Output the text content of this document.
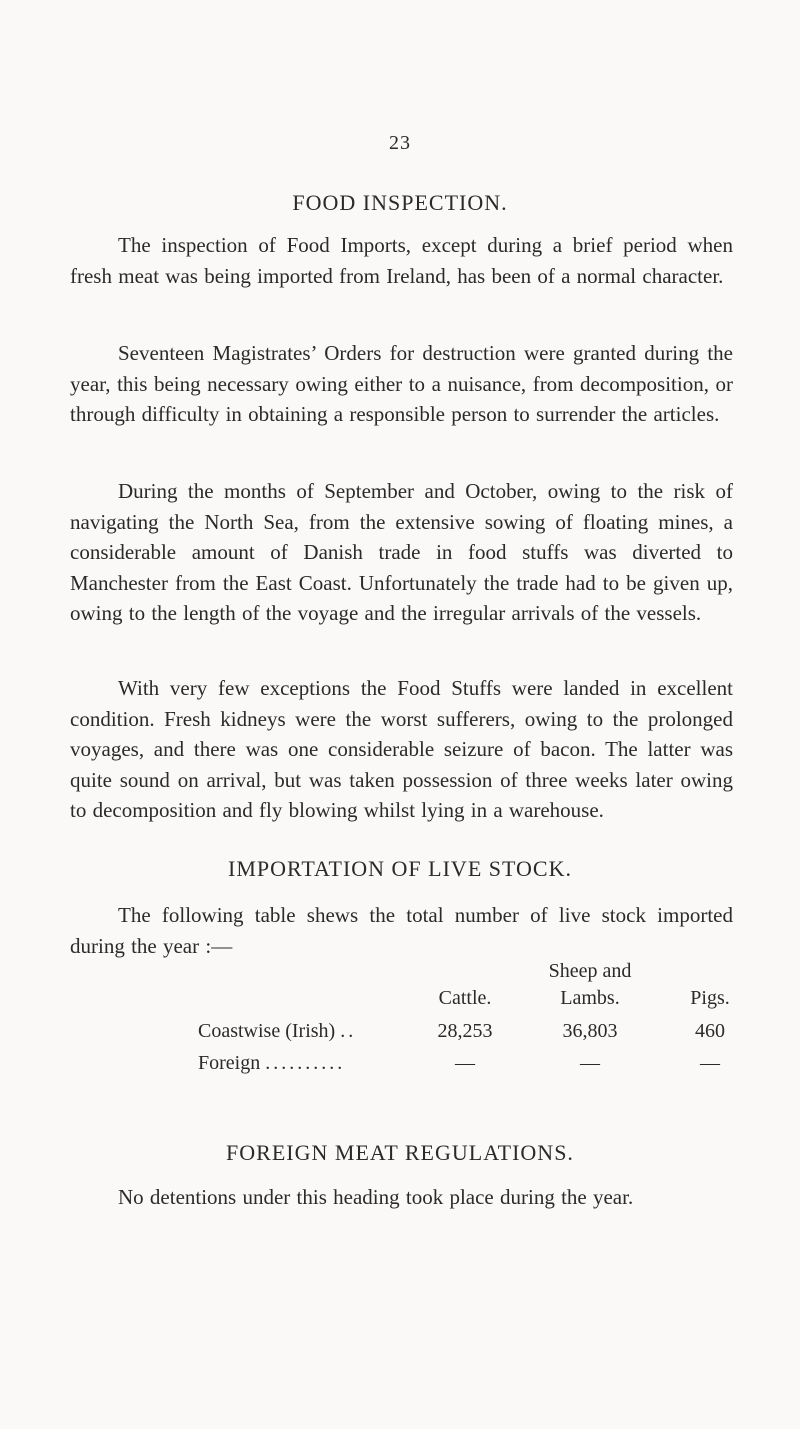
23
FOOD INSPECTION.

The inspection of Food Imports, except during a brief period when fresh meat was being imported from Ireland, has been of a normal character.

Seventeen Magistrates’ Orders for destruction were granted during the year, this being necessary owing either to a nuisance, from decomposition, or through difficulty in obtaining a responsible person to surrender the articles.

During the months of September and October, owing to the risk of navigating the North Sea, from the extensive sowing of floating mines, a considerable amount of Danish trade in food stuffs was diverted to Manchester from the East Coast. Unfortunately the trade had to be given up, owing to the length of the voyage and the irregular arrivals of the vessels.

With very few exceptions the Food Stuffs were landed in excellent condition. Fresh kidneys were the worst sufferers, owing to the prolonged voyages, and there was one considerable seizure of bacon. The latter was quite sound on arrival, but was taken possession of three weeks later owing to decomposition and fly blowing whilst lying in a warehouse.

IMPORTATION OF LIVE STOCK.

The following table shews the total number of live stock imported during the year :—

Sheep and
Cattle.	Lambs.	Pigs.
Coastwise (Irish) ..	28,253	36,803	460
Foreign ..........	—	—	—
FOREIGN MEAT REGULATIONS.

No detentions under this heading took place during the year.
